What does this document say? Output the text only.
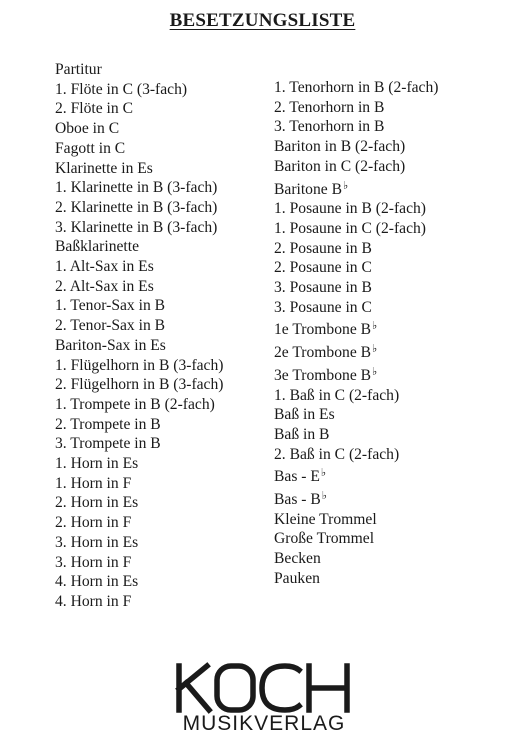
BESETZUNGSLISTE
Partitur
1. Flöte in C (3-fach)
2. Flöte in C
Oboe in C
Fagott in C
Klarinette in Es
1. Klarinette in B (3-fach)
2. Klarinette in B (3-fach)
3. Klarinette in B (3-fach)
Baßklarinette
1. Alt-Sax in Es
2. Alt-Sax in Es
1. Tenor-Sax in B
2. Tenor-Sax in B
Bariton-Sax in Es
1. Flügelhorn in B (3-fach)
2. Flügelhorn in B (3-fach)
1. Trompete in B (2-fach)
2. Trompete in B
3. Trompete in B
1. Horn in Es
1. Horn in F
2. Horn in Es
2. Horn in F
3. Horn in Es
3. Horn in F
4. Horn in Es
4. Horn in F
1. Tenorhorn in B (2-fach)
2. Tenorhorn in B
3. Tenorhorn in B
Bariton in B (2-fach)
Bariton in C (2-fach)
Baritone B♭
1. Posaune in B (2-fach)
1. Posaune in C (2-fach)
2. Posaune in B
2. Posaune in C
3. Posaune in B
3. Posaune in C
1e Trombone B♭
2e Trombone B♭
3e Trombone B♭
1. Baß in C (2-fach)
Baß in Es
Baß in B
2. Baß in C (2-fach)
Bas - E♭
Bas - B♭
Kleine Trommel
Große Trommel
Becken
Pauken
MUSIKVERLAG
